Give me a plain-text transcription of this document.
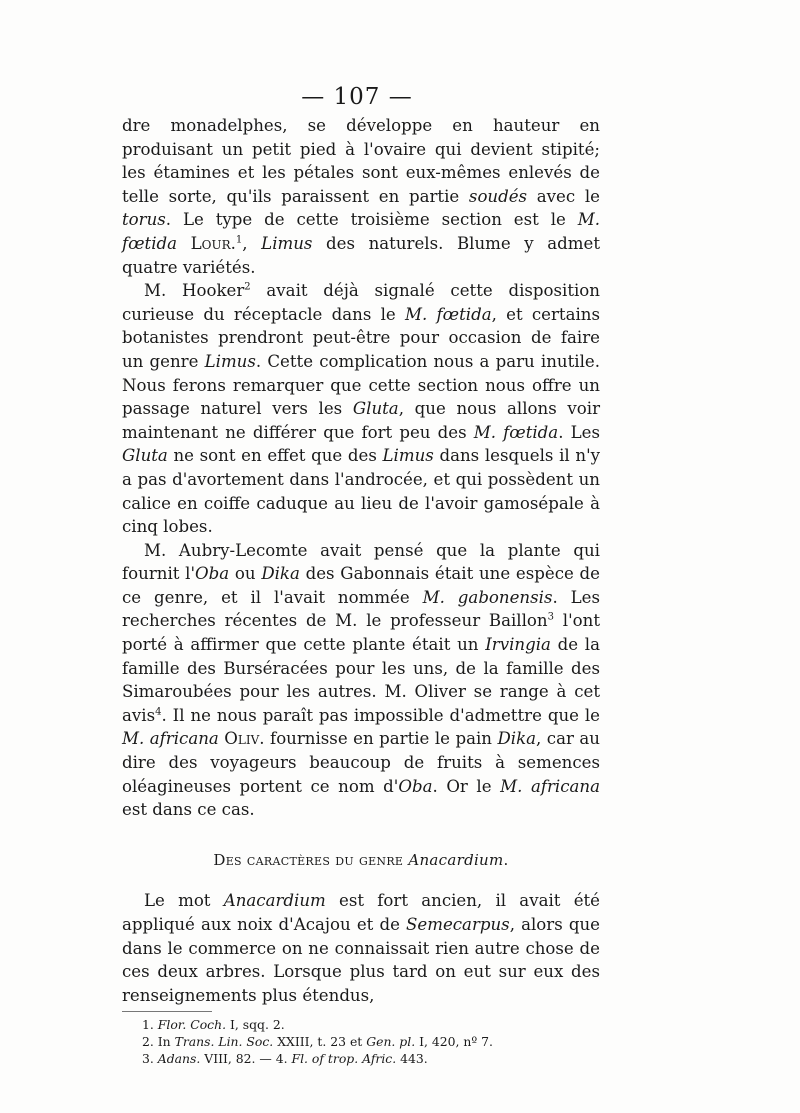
— 107 —

dre monadelphes, se développe en hauteur en produisant un petit pied à l'ovaire qui devient stipité; les étamines et les pétales sont eux-mêmes enlevés de telle sorte, qu'ils paraissent en partie soudés avec le torus. Le type de cette troisième section est le M. fœtida Lour.$^1$, Limus des naturels. Blume y admet quatre variétés.

M. Hooker$^2$ avait déjà signalé cette disposition curieuse du réceptacle dans le M. fœtida, et certains botanistes prendront peut-être pour occasion de faire un genre Limus. Cette complication nous a paru inutile. Nous ferons remarquer que cette section nous offre un passage naturel vers les Gluta, que nous allons voir maintenant ne différer que fort peu des M. fœtida. Les Gluta ne sont en effet que des Limus dans lesquels il n'y a pas d'avortement dans l'androcée, et qui possèdent un calice en coiffe caduque au lieu de l'avoir gamosépale à cinq lobes.

M. Aubry-Lecomte avait pensé que la plante qui fournit l'Oba ou Dika des Gabonnais était une espèce de ce genre, et il l'avait nommée M. gabonensis. Les recherches récentes de M. le professeur Baillon$^3$ l'ont porté à affirmer que cette plante était un Irvingia de la famille des Burséracées pour les uns, de la famille des Simaroubées pour les autres. M. Oliver se range à cet avis$^4$. Il ne nous paraît pas impossible d'admettre que le M. africana Oliv. fournisse en partie le pain Dika, car au dire des voyageurs beaucoup de fruits à semences oléagineuses portent ce nom d'Oba. Or le M. africana est dans ce cas.

Des caractères du genre Anacardium.

Le mot Anacardium est fort ancien, il avait été appliqué aux noix d'Acajou et de Semecarpus, alors que dans le commerce on ne connaissait rien autre chose de ces deux arbres. Lorsque plus tard on eut sur eux des renseignements plus étendus,

1. Flor. Coch. I, sqq. 2.
2. In Trans. Lin. Soc. XXIII, t. 23 et Gen. pl. I, 420, nº 7.
3. Adans. VIII, 82. — 4. Fl. of trop. Afric. 443.
